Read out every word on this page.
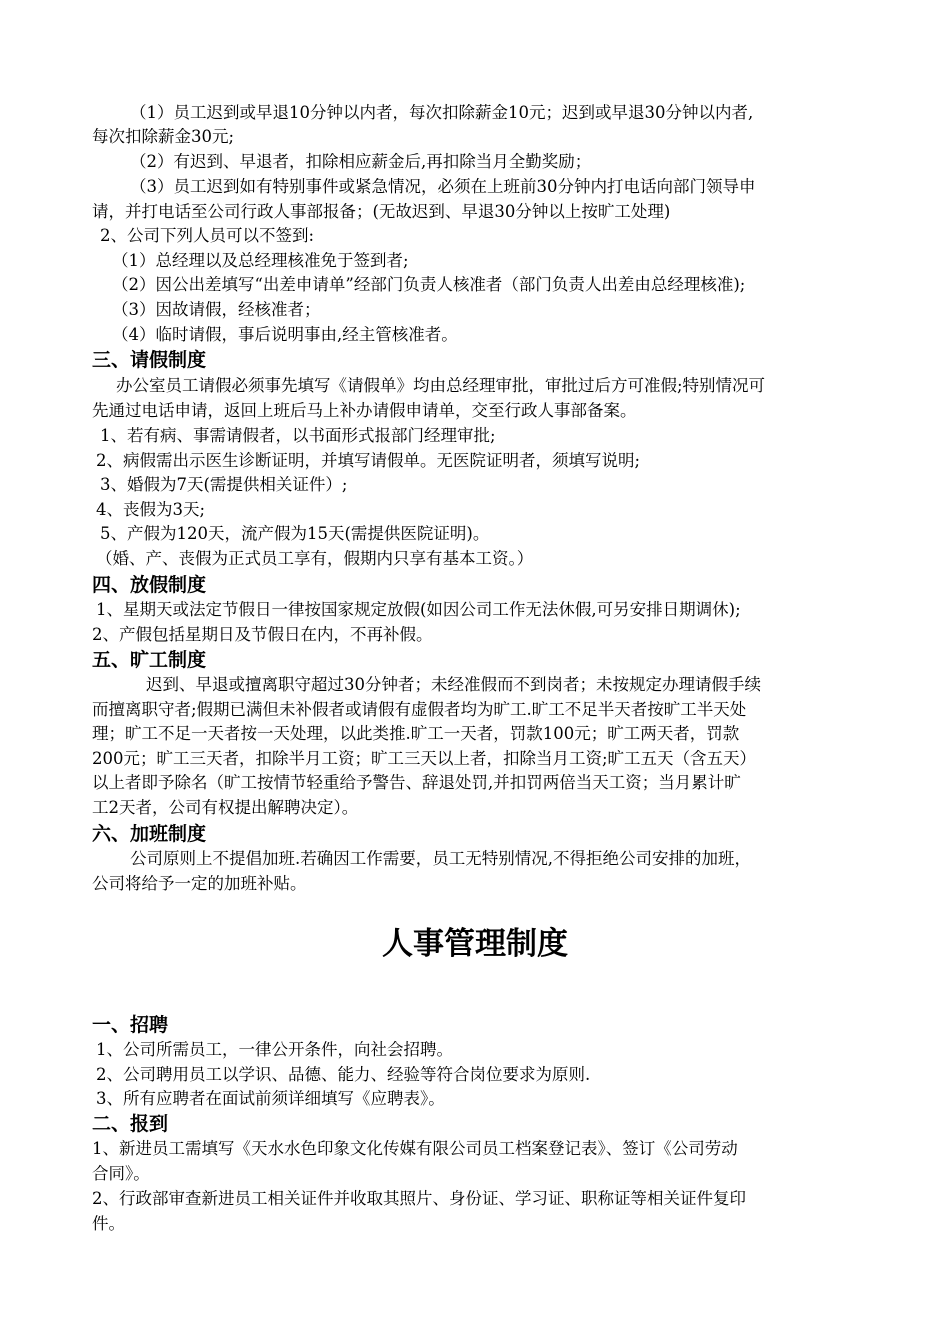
（1）员工迟到或早退10分钟以内者，每次扣除薪金10元；迟到或早退30分钟以内者,
每次扣除薪金30元;
（2）有迟到、早退者，扣除相应薪金后,再扣除当月全勤奖励；
（3）员工迟到如有特别事件或紧急情况，必须在上班前30分钟内打电话向部门领导申
请，并打电话至公司行政人事部报备；(无故迟到、早退30分钟以上按旷工处理)
2、公司下列人员可以不签到:
（1）总经理以及总经理核准免于签到者;
（2）因公出差填写“出差申请单”经部门负责人核准者（部门负责人出差由总经理核准);
（3）因故请假，经核准者；
（4）临时请假，事后说明事由,经主管核准者。
三、请假制度
办公室员工请假必须事先填写《请假单》均由总经理审批，审批过后方可准假;特别情况可
先通过电话申请，返回上班后马上补办请假申请单，交至行政人事部备案。
1、若有病、事需请假者，以书面形式报部门经理审批;
2、病假需出示医生诊断证明，并填写请假单。无医院证明者，须填写说明;
3、婚假为7天(需提供相关证件）;
4、丧假为3天;
5、产假为120天，流产假为15天(需提供医院证明)。
（婚、产、丧假为正式员工享有，假期内只享有基本工资。）
四、放假制度
1、星期天或法定节假日一律按国家规定放假(如因公司工作无法休假,可另安排日期调休);
2、产假包括星期日及节假日在内，不再补假。
五、旷工制度
迟到、早退或擅离职守超过30分钟者；未经准假而不到岗者；未按规定办理请假手续
而擅离职守者;假期已满但未补假者或请假有虚假者均为旷工.旷工不足半天者按旷工半天处
理；旷工不足一天者按一天处理，以此类推.旷工一天者，罚款100元；旷工两天者，罚款
200元；旷工三天者，扣除半月工资；旷工三天以上者，扣除当月工资;旷工五天（含五天）
以上者即予除名（旷工按情节轻重给予警告、辞退处罚,并扣罚两倍当天工资；当月累计旷
工2天者，公司有权提出解聘决定）。
六、加班制度
公司原则上不提倡加班.若确因工作需要，员工无特别情况,不得拒绝公司安排的加班，
公司将给予一定的加班补贴。
人事管理制度
一、招聘
1、公司所需员工，一律公开条件，向社会招聘。
2、公司聘用员工以学识、品德、能力、经验等符合岗位要求为原则.
3、所有应聘者在面试前须详细填写《应聘表》。
二、报到
1、新进员工需填写《天水水色印象文化传媒有限公司员工档案登记表》、签订《公司劳动
合同》。
2、行政部审查新进员工相关证件并收取其照片、身份证、学习证、职称证等相关证件复印
件。
